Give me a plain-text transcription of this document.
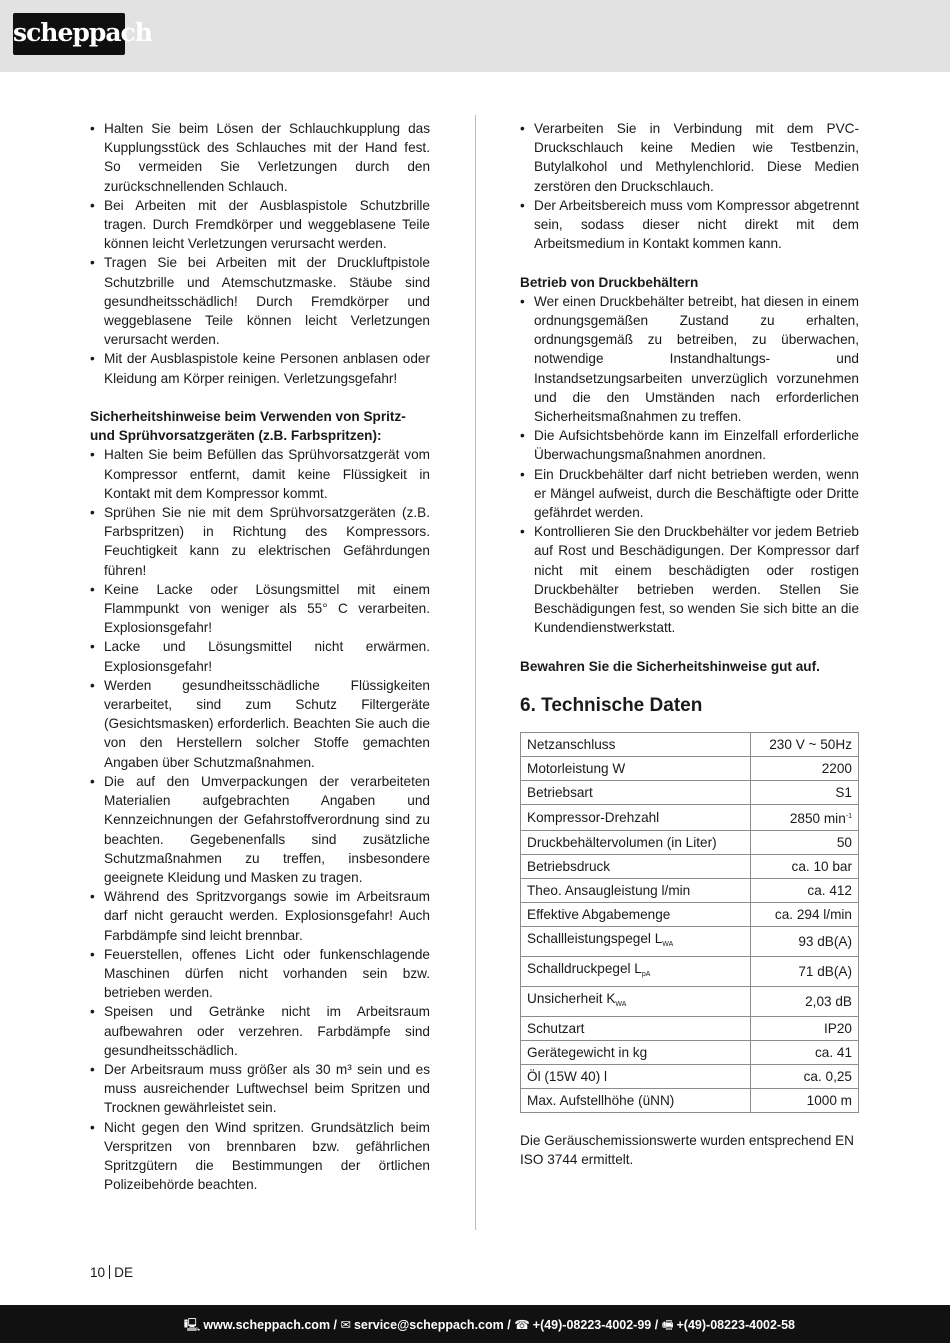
scheppach
• Halten Sie beim Lösen der Schlauchkupplung das Kupplungsstück des Schlauches mit der Hand fest. So vermeiden Sie Verletzungen durch den zurückschnellenden Schlauch.
• Bei Arbeiten mit der Ausblaspistole Schutzbrille tragen. Durch Fremdkörper und weggeblasene Teile können leicht Verletzungen verursacht werden.
• Tragen Sie bei Arbeiten mit der Druckluftpistole Schutzbrille und Atemschutzmaske. Stäube sind gesundheitsschädlich! Durch Fremdkörper und weggeblasene Teile können leicht Verletzungen verursacht werden.
• Mit der Ausblaspistole keine Personen anblasen oder Kleidung am Körper reinigen. Verletzungsgefahr!

Sicherheitshinweise beim Verwenden von Spritz- und Sprühvorsatzgeräten (z.B. Farbspritzen):

• Halten Sie beim Befüllen das Sprühvorsatzgerät vom Kompressor entfernt, damit keine Flüssigkeit in Kontakt mit dem Kompressor kommt.
• Sprühen Sie nie mit dem Sprühvorsatzgeräten (z.B. Farbspritzen) in Richtung des Kompressors. Feuchtigkeit kann zu elektrischen Gefährdungen führen!
• Keine Lacke oder Lösungsmittel mit einem Flammpunkt von weniger als 55° C verarbeiten. Explosionsgefahr!
• Lacke und Lösungsmittel nicht erwärmen. Explosionsgefahr!
• Werden gesundheitsschädliche Flüssigkeiten verarbeitet, sind zum Schutz Filtergeräte (Gesichtsmasken) erforderlich. Beachten Sie auch die von den Herstellern solcher Stoffe gemachten Angaben über Schutzmaßnahmen.
• Die auf den Umverpackungen der verarbeiteten Materialien aufgebrachten Angaben und Kennzeichnungen der Gefahrstoffverordnung sind zu beachten. Gegebenenfalls sind zusätzliche Schutzmaßnahmen zu treffen, insbesondere geeignete Kleidung und Masken zu tragen.
• Während des Spritzvorgangs sowie im Arbeitsraum darf nicht geraucht werden. Explosionsgefahr! Auch Farbdämpfe sind leicht brennbar.
• Feuerstellen, offenes Licht oder funkenschlagende Maschinen dürfen nicht vorhanden sein bzw. betrieben werden.
• Speisen und Getränke nicht im Arbeitsraum aufbewahren oder verzehren. Farbdämpfe sind gesundheitsschädlich.
• Der Arbeitsraum muss größer als 30 m³ sein und es muss ausreichender Luftwechsel beim Spritzen und Trocknen gewährleistet sein.
• Nicht gegen den Wind spritzen. Grundsätzlich beim Verspritzen von brennbaren bzw. gefährlichen Spritzgütern die Bestimmungen der örtlichen Polizeibehörde beachten.
• Verarbeiten Sie in Verbindung mit dem PVC-Druckschlauch keine Medien wie Testbenzin, Butylalkohol und Methylenchlorid. Diese Medien zerstören den Druckschlauch.
• Der Arbeitsbereich muss vom Kompressor abgetrennt sein, sodass dieser nicht direkt mit dem Arbeitsmedium in Kontakt kommen kann.

Betrieb von Druckbehältern

• Wer einen Druckbehälter betreibt, hat diesen in einem ordnungsgemäßen Zustand zu erhalten, ordnungsgemäß zu betreiben, zu überwachen, notwendige Instandhaltungs- und Instandsetzungsarbeiten unverzüglich vorzunehmen und die den Umständen nach erforderlichen Sicherheitsmaßnahmen zu treffen.
• Die Aufsichtsbehörde kann im Einzelfall erforderliche Überwachungsmaßnahmen anordnen.
• Ein Druckbehälter darf nicht betrieben werden, wenn er Mängel aufweist, durch die Beschäftigte oder Dritte gefährdet werden.
• Kontrollieren Sie den Druckbehälter vor jedem Betrieb auf Rost und Beschädigungen. Der Kompressor darf nicht mit einem beschädigten oder rostigen Druckbehälter betrieben werden. Stellen Sie Beschädigungen fest, so wenden Sie sich bitte an die Kundendienstwerkstatt.

Bewahren Sie die Sicherheitshinweise gut auf.

6. Technische Daten
Netzanschluss	230 V ~ 50Hz
Motorleistung W	2200
Betriebsart	S1
Kompressor-Drehzahl	2850 $\min^{-1}$
Druckbehältervolumen (in Liter)	50
Betriebsdruck	ca. 10 bar
Theo. Ansaugleistung l/min	ca. 412
Effektive Abgabemenge	ca. 294 l/min
Schallleistungspegel $L_{WA}$	93 dB(A)
Schalldruckpegel $L_{pA}$	71 dB(A)
Unsicherheit $K_{WA}$	2,03 dB
Schutzart	IP20
Gerätegewicht in kg	ca. 41
Öl (15W 40) l	ca. 0,25
Max. Aufstellhöhe (üNN)	1000 m

Die Geräuschemissionswerte wurden entsprechend EN ISO 3744 ermittelt.

10 DE
🖳 www.scheppach.com / ✉ service@scheppach.com / ☎ +(49)-08223-4002-99 / 🖷 +(49)-08223-4002-58
